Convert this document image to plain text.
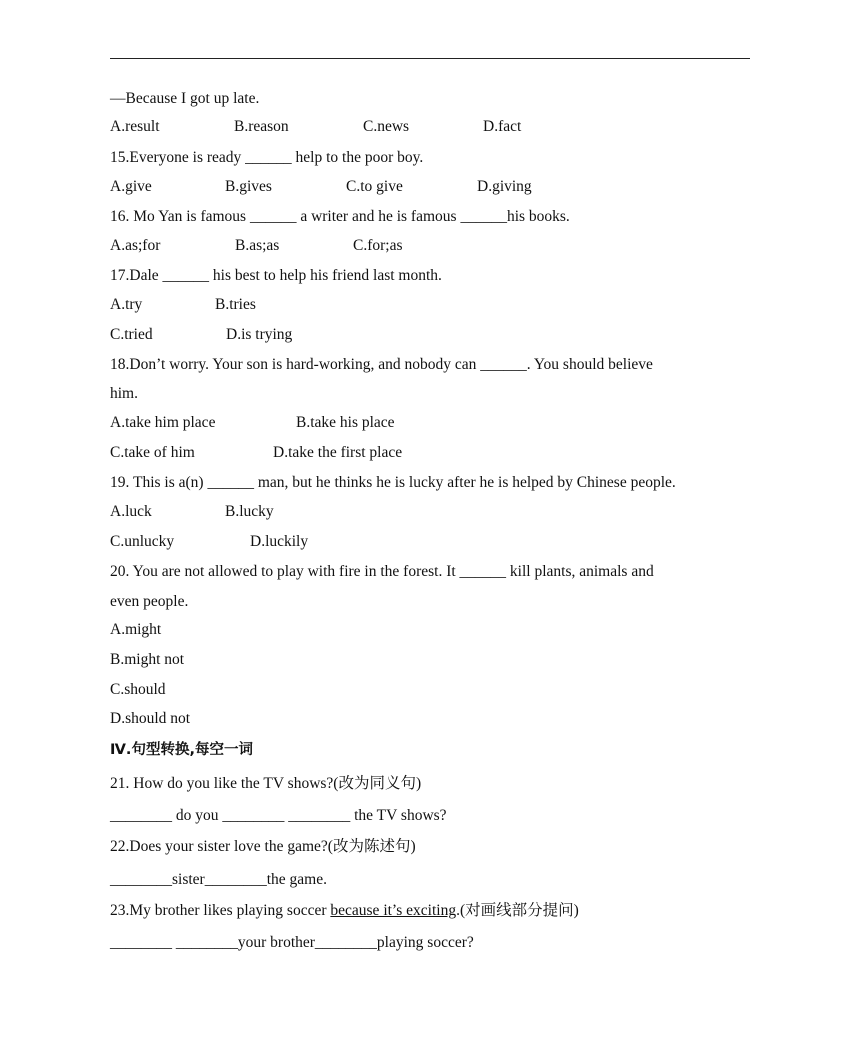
—Because I got up late.
A.result	B.reason	C.news	D.fact
15.Everyone is ready ______ help to the poor boy.
A.give	B.gives	C.to give	D.giving
16. Mo Yan is famous ______ a writer and he is famous ______his books.
A.as;for	B.as;as	C.for;as
17.Dale ______ his best to help his friend last month.
A.try	B.tries
C.tried	D.is trying
18.Don’t worry. Your son is hard-working, and nobody can ______. You should believe
him.
A.take him place	B.take his place
C.take of him	D.take the first place
19. This is a(n) ______ man, but he thinks he is lucky after he is helped by Chinese people.
A.luck	B.lucky
C.unlucky	D.luckily
20. You are not allowed to play with fire in the forest. It ______ kill plants, animals and
even people.
A.might
B.might not
C.should
D.should not
Ⅳ.句型转换,每空一词
21. How do you like the TV shows?(改为同义句)
________ do you ________ ________ the TV shows?
22.Does your sister love the game?(改为陈述句)
________sister________the game.
23.My brother likes playing soccer because it’s exciting.(对画线部分提问)
________ ________your brother________playing soccer?
